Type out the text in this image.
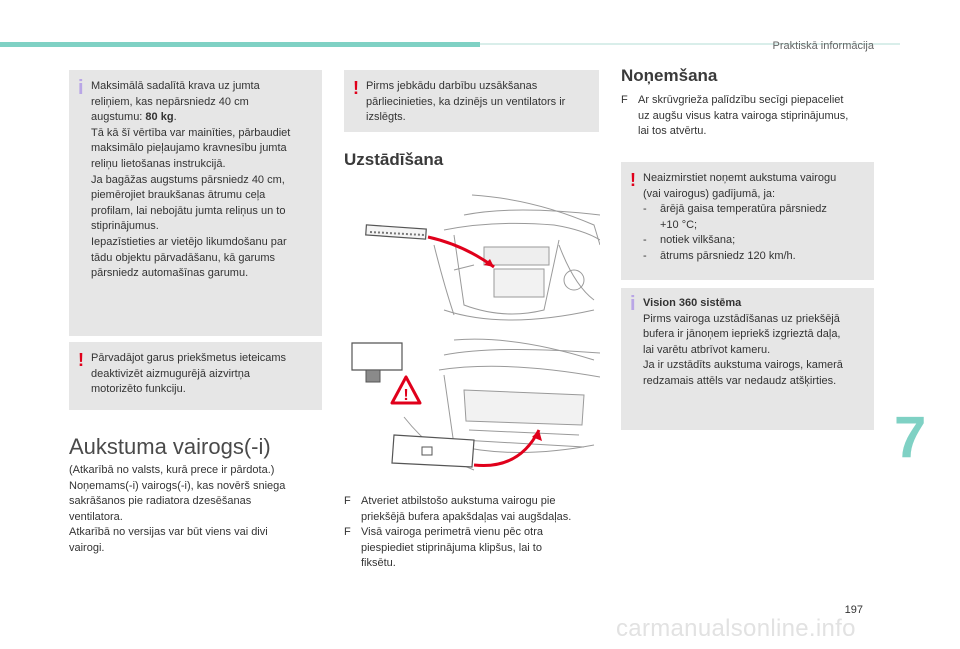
Praktiskā informācija
i Maksimālā sadalītā krava uz jumta

reliņiem, kas nepārsniedz 40 cm

augstumu: 80 kg.

Tā kā šī vērtība var mainīties, pārbaudiet

maksimālo pieļaujamo kravnesību jumta

reliņu lietošanas instrukcijā.

Ja bagāžas augstums pārsniedz 40 cm,

piemērojiet braukšanas ātrumu ceļa

profilam, lai nebojātu jumta reliņus un to

stiprinājumus.

Iepazīstieties ar vietējo likumdošanu par

tādu objektu pārvadāšanu, kā garums

pārsniedz automašīnas garumu.

! Pārvadājot garus priekšmetus ieteicams

deaktivizēt aizmugurējā aizvirtņa

motorizēto funkciju.

Aukstuma vairogs(-i)

(Atkarībā no valsts, kurā prece ir pārdota.)

Noņemams(-i) vairogs(-i), kas novērš sniega

sakrāšanos pie radiatora dzesēšanas

ventilatora.

Atkarībā no versijas var būt viens vai divi

vairogi.

! Pirms jebkādu darbību uzsākšanas

pārliecinieties, ka dzinējs un ventilators ir

izslēgts.

Uzstādīšana
!
F Atveriet atbilstošo aukstuma vairogu pie
priekšējā bufera apakšdaļas vai augšdaļas.
F Visā vairoga perimetrā vienu pēc otra
piespiediet stiprinājuma klipšus, lai to
fiksētu.
Noņemšana
F Ar skrūvgrieža palīdzību secīgi piepaceliet
uz augšu visus katra vairoga stiprinājumus,
lai tos atvērtu.
! Neaizmirstiet noņemt aukstuma vairogu

(vai vairogus) gadījumā, ja:

- ārējā gaisa temperatūra pārsniedz
+10 °C;
- notiek vilkšana;
- ātrums pārsniedz 120 km/h.
i Vision 360 sistēma

Pirms vairoga uzstādīšanas uz priekšējā

bufera ir jānoņem iepriekš izgrieztā daļa,

lai varētu atbrīvot kameru.

Ja ir uzstādīts aukstuma vairogs, kamerā

redzamais attēls var nedaudz atšķirties.

7
197
carmanualsonline.info
